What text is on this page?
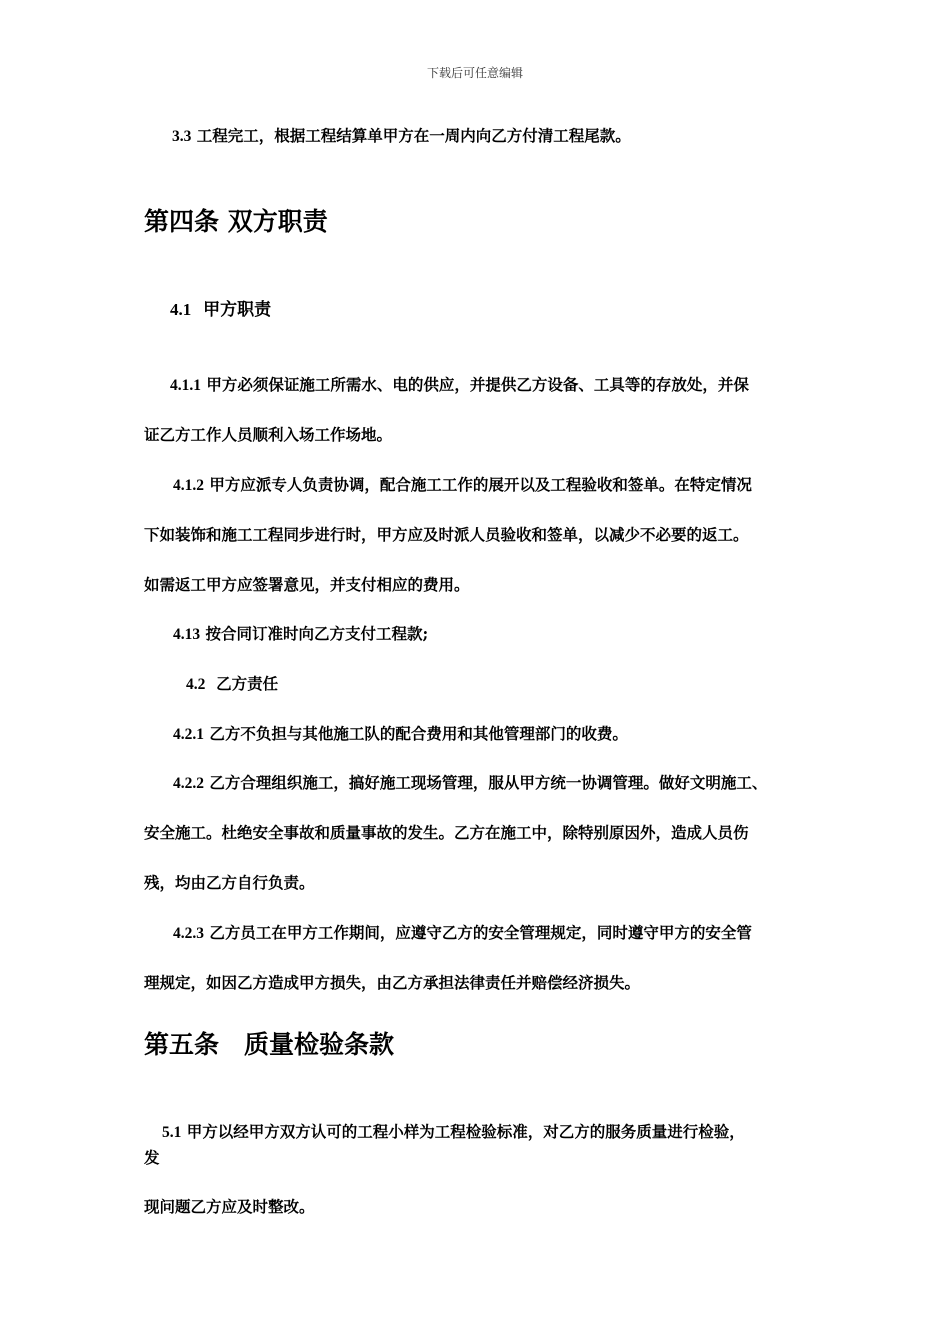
下载后可任意编辑
3.3 工程完工，根据工程结算单甲方在一周内向乙方付清工程尾款。
第四条 双方职责
4.1 甲方职责
4.1.1 甲方必须保证施工所需水、电的供应，并提供乙方设备、工具等的存放处，并保
证乙方工作人员顺利入场工作场地。
4.1.2 甲方应派专人负责协调，配合施工工作的展开以及工程验收和签单。在特定情况
下如装饰和施工工程同步进行时，甲方应及时派人员验收和签单，以减少不必要的返工。
如需返工甲方应签署意见，并支付相应的费用。
4.13 按合同订准时向乙方支付工程款;
4.2 乙方责任
4.2.1 乙方不负担与其他施工队的配合费用和其他管理部门的收费。
4.2.2 乙方合理组织施工，搞好施工现场管理，服从甲方统一协调管理。做好文明施工、
安全施工。杜绝安全事故和质量事故的发生。乙方在施工中，除特别原因外，造成人员伤
残，均由乙方自行负责。
4.2.3 乙方员工在甲方工作期间，应遵守乙方的安全管理规定，同时遵守甲方的安全管
理规定，如因乙方造成甲方损失，由乙方承担法律责任并赔偿经济损失。
第五条　质量检验条款
5.1 甲方以经甲方双方认可的工程小样为工程检验标准，对乙方的服务质量进行检验，
发
现问题乙方应及时整改。
